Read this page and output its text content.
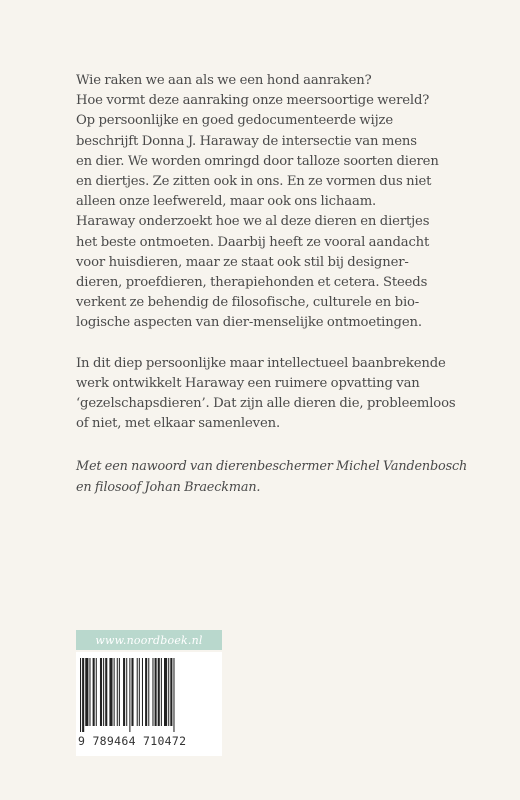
Wie raken we aan als we een hond aanraken?
Hoe vormt deze aanraking onze meersoortige wereld?
Op persoonlijke en goed gedocumenteerde wijze
beschrijft Donna J. Haraway de intersectie van mens
en dier. We worden omringd door talloze soorten dieren
en diertjes. Ze zitten ook in ons. En ze vormen dus niet
alleen onze leefwereld, maar ook ons lichaam.
Haraway onderzoekt hoe we al deze dieren en diertjes
het beste ontmoeten. Daarbij heeft ze vooral aandacht
voor huisdieren, maar ze staat ook stil bij designer-
dieren, proefdieren, therapiehonden et cetera. Steeds
verkent ze behendig de filosofische, culturele en bio-
logische aspecten van dier-menselijke ontmoetingen.

In dit diep persoonlijke maar intellectueel baanbrekende
werk ontwikkelt Haraway een ruimere opvatting van
‘gezelschapsdieren’. Dat zijn alle dieren die, probleemloos
of niet, met elkaar samenleven.

Met een nawoord van dierenbeschermer Michel Vandenbosch
en filosoof Johan Braeckman.

www.noordboek.nl
9 789464 710472
